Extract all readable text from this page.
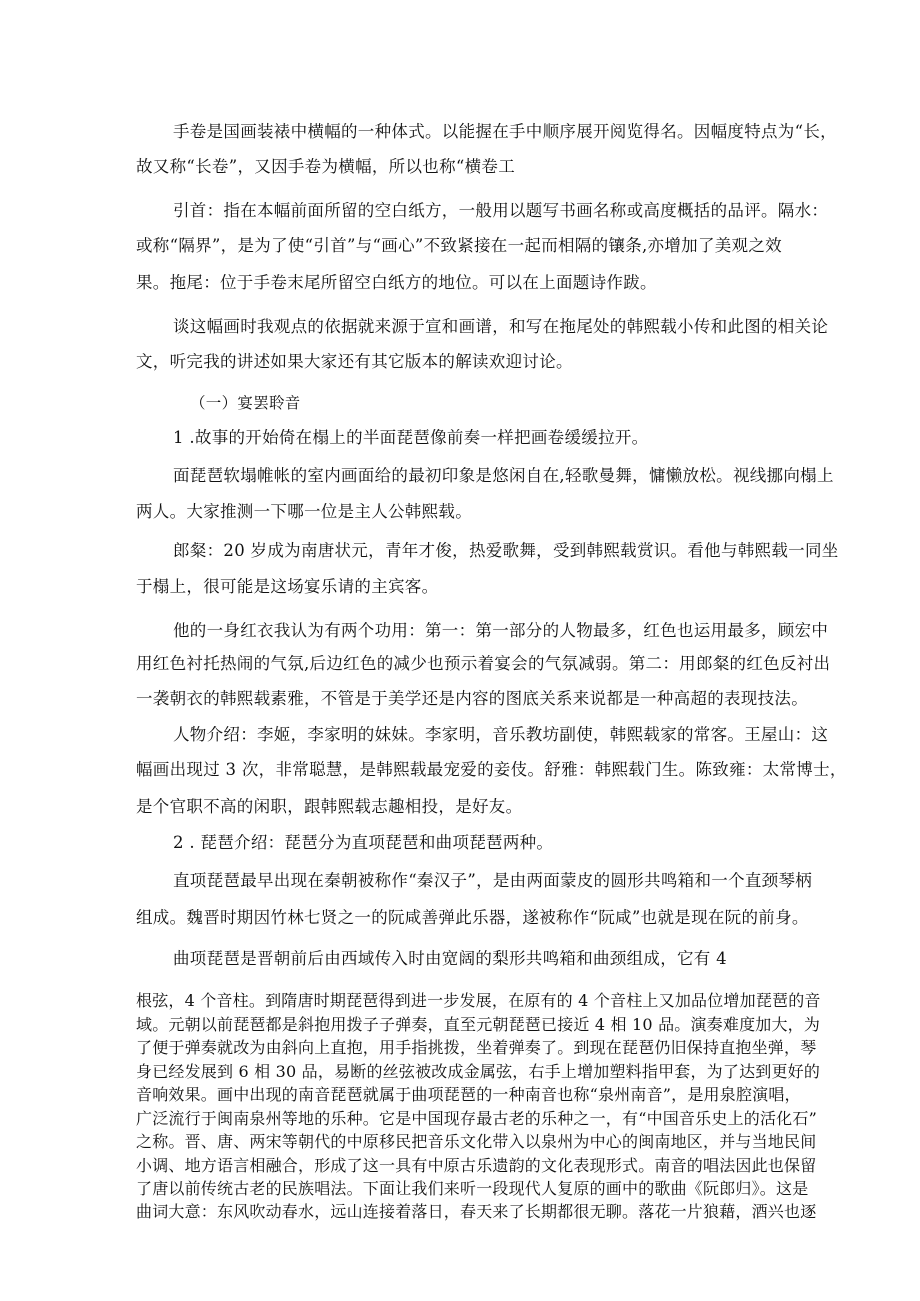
手卷是国画装裱中横幅的一种体式。以能握在手中顺序展开阅览得名。因幅度特点为“长，
故又称“长卷”，又因手卷为横幅，所以也称“横卷工
引首：指在本幅前面所留的空白纸方，一般用以题写书画名称或高度概括的品评。隔水：
或称“隔界”，是为了使“引首”与“画心”不致紧接在一起而相隔的镶条,亦增加了美观之效
果。拖尾：位于手卷末尾所留空白纸方的地位。可以在上面题诗作跋。
谈这幅画时我观点的依据就来源于宣和画谱，和写在拖尾处的韩熙载小传和此图的相关论
文，听完我的讲述如果大家还有其它版本的解读欢迎讨论。
（一）宴罢聆音
1 .故事的开始倚在榻上的半面琵琶像前奏一样把画卷缓缓拉开。
面琵琶软塌帷帐的室内画面给的最初印象是悠闲自在,轻歌曼舞，慵懒放松。视线挪向榻上
两人。大家推测一下哪一位是主人公韩熙载。
郎粲：20 岁成为南唐状元，青年才俊，热爱歌舞，受到韩熙载赏识。看他与韩熙载一同坐
于榻上，很可能是这场宴乐请的主宾客。
他的一身红衣我认为有两个功用：第一：第一部分的人物最多，红色也运用最多，顾宏中
用红色衬托热闹的气氛,后边红色的减少也预示着宴会的气氛减弱。第二：用郎粲的红色反衬出
一袭朝衣的韩熙载素雅，不管是于美学还是内容的图底关系来说都是一种高超的表现技法。
人物介绍：李姬，李家明的妹妹。李家明，音乐教坊副使，韩熙载家的常客。王屋山：这
幅画出现过 3 次，非常聪慧，是韩熙载最宠爱的妾伎。舒雅：韩熙载门生。陈致雍：太常博士，
是个官职不高的闲职，跟韩熙载志趣相投，是好友。
2 . 琵琶介绍：琵琶分为直项琵琶和曲项琵琶两种。
直项琵琶最早出现在秦朝被称作“秦汉子”，是由两面蒙皮的圆形共鸣箱和一个直颈琴柄
组成。魏晋时期因竹林七贤之一的阮咸善弹此乐器，遂被称作“阮咸”也就是现在阮的前身。
曲项琵琶是晋朝前后由西域传入时由宽阔的梨形共鸣箱和曲颈组成，它有 4
根弦，4 个音柱。到隋唐时期琵琶得到进一步发展，在原有的 4 个音柱上又加品位增加琵琶的音
域。元朝以前琵琶都是斜抱用拨子子弹奏，直至元朝琵琶已接近 4 相 10 品。演奏难度加大，为
了便于弹奏就改为由斜向上直抱，用手指挑拨，坐着弹奏了。到现在琵琶仍旧保持直抱坐弹，琴
身已经发展到 6 相 30 品，易断的丝弦被改成金属弦，右手上增加塑料指甲套，为了达到更好的
音响效果。画中出现的南音琵琶就属于曲项琵琶的一种南音也称“泉州南音”，是用泉腔演唱，
广泛流行于闽南泉州等地的乐种。它是中国现存最古老的乐种之一，有“中国音乐史上的活化石”
之称。晋、唐、两宋等朝代的中原移民把音乐文化带入以泉州为中心的闽南地区，并与当地民间
小调、地方语言相融合，形成了这一具有中原古乐遗韵的文化表现形式。南音的唱法因此也保留
了唐以前传统古老的民族唱法。下面让我们来听一段现代人复原的画中的歌曲《阮郎归》。这是
曲词大意：东风吹动春水，远山连接着落日，春天来了长期都很无聊。落花一片狼藉，酒兴也逐
